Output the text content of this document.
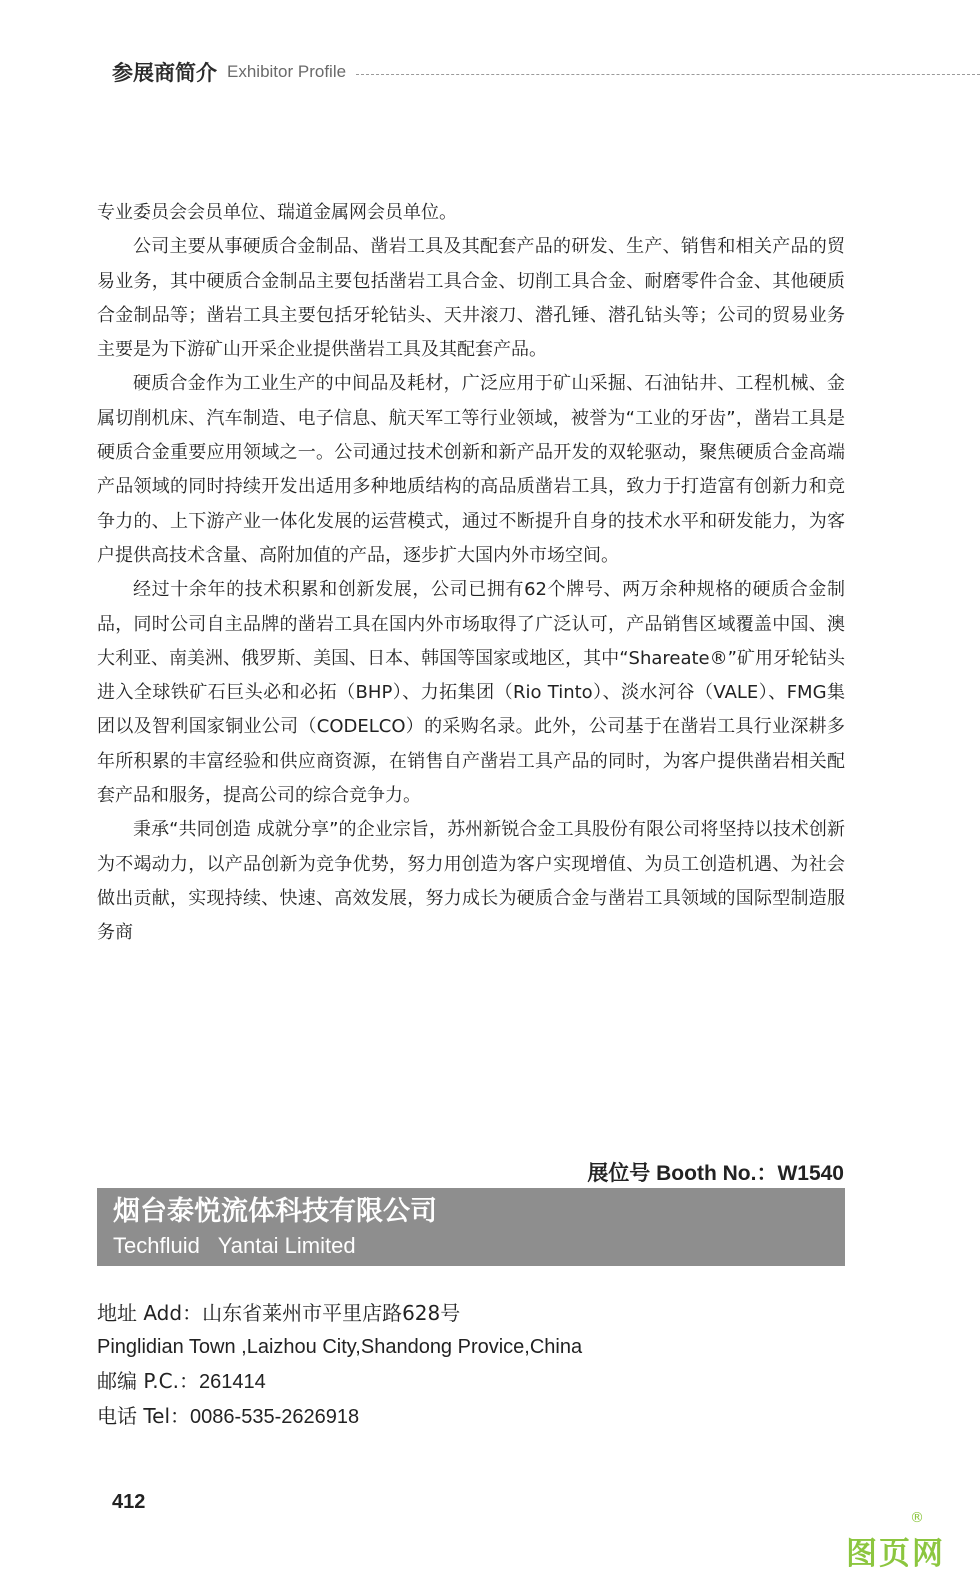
参展商简介 Exhibitor Profile

专业委员会会员单位、瑞道金属网会员单位。

公司主要从事硬质合金制品、凿岩工具及其配套产品的研发、生产、销售和相关产品的贸易业务，其中硬质合金制品主要包括凿岩工具合金、切削工具合金、耐磨零件合金、其他硬质合金制品等；凿岩工具主要包括牙轮钻头、天井滚刀、潜孔锤、潜孔钻头等；公司的贸易业务主要是为下游矿山开采企业提供凿岩工具及其配套产品。

硬质合金作为工业生产的中间品及耗材，广泛应用于矿山采掘、石油钻井、工程机械、金属切削机床、汽车制造、电子信息、航天军工等行业领域，被誉为“工业的牙齿”，凿岩工具是硬质合金重要应用领域之一。公司通过技术创新和新产品开发的双轮驱动，聚焦硬质合金高端产品领域的同时持续开发出适用多种地质结构的高品质凿岩工具，致力于打造富有创新力和竞争力的、上下游产业一体化发展的运营模式，通过不断提升自身的技术水平和研发能力，为客户提供高技术含量、高附加值的产品，逐步扩大国内外市场空间。

经过十余年的技术积累和创新发展，公司已拥有62个牌号、两万余种规格的硬质合金制品，同时公司自主品牌的凿岩工具在国内外市场取得了广泛认可，产品销售区域覆盖中国、澳大利亚、南美洲、俄罗斯、美国、日本、韩国等国家或地区，其中“Shareate®”矿用牙轮钻头进入全球铁矿石巨头必和必拓（BHP）、力拓集团（Rio Tinto）、淡水河谷（VALE）、FMG集团以及智利国家铜业公司（CODELCO）的采购名录。此外，公司基于在凿岩工具行业深耕多年所积累的丰富经验和供应商资源，在销售自产凿岩工具产品的同时，为客户提供凿岩相关配套产品和服务，提高公司的综合竞争力。

秉承“共同创造 成就分享”的企业宗旨，苏州新锐合金工具股份有限公司将坚持以技术创新为不竭动力，以产品创新为竞争优势，努力用创造为客户实现增值、为员工创造机遇、为社会做出贡献，实现持续、快速、高效发展，努力成长为硬质合金与凿岩工具领域的国际型制造服务商

展位号 Booth No.：W1540
烟台泰悦流体科技有限公司
Techfluid   Yantai Limited
地址 Add：山东省莱州市平里店路628号
Pinglidian Town ,Laizhou City,Shandong Provice,China
邮编 P.C.：261414
电话 Tel：0086-535-2626918
412
图页网
®
